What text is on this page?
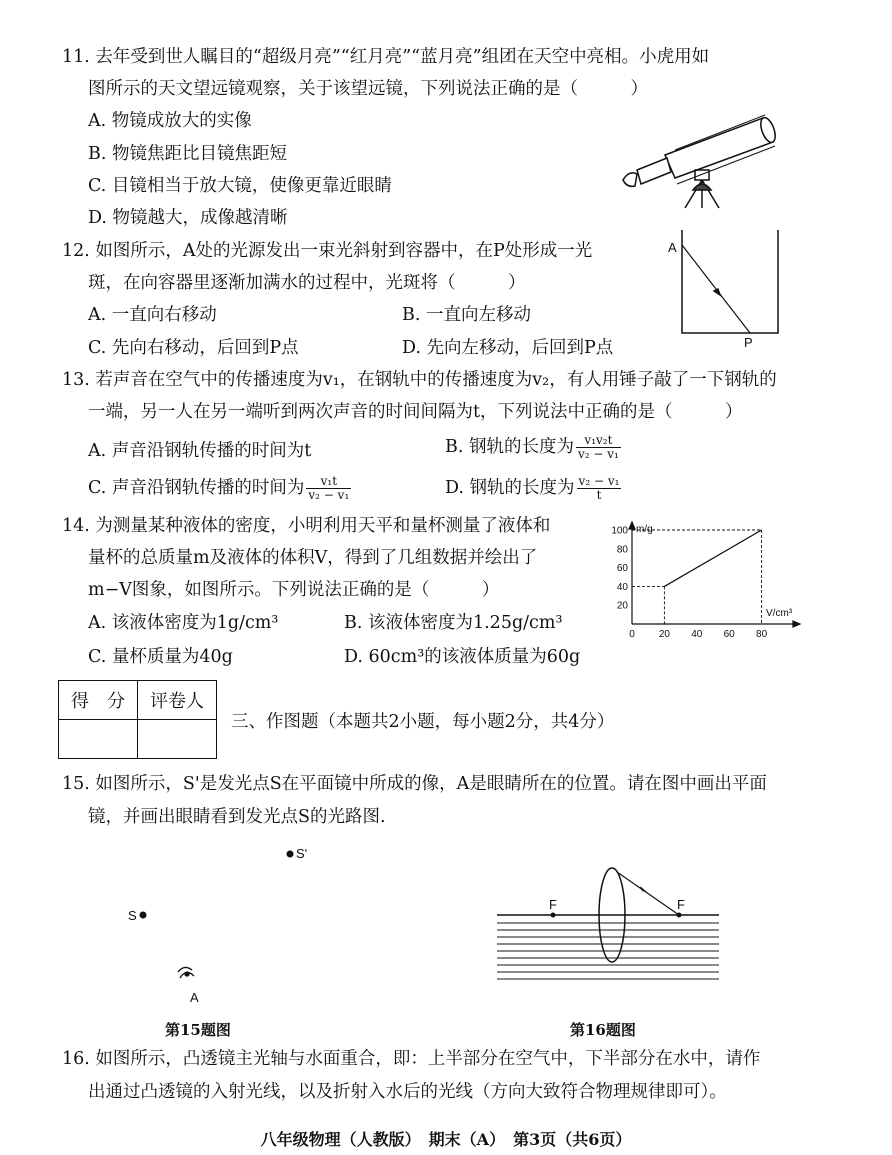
11. 去年受到世人瞩目的“超级月亮”“红月亮”“蓝月亮”组团在天空中亮相。小虎用如
图所示的天文望远镜观察，关于该望远镜，下列说法正确的是（　　　）
A. 物镜成放大的实像
B. 物镜焦距比目镜焦距短
C. 目镜相当于放大镜，使像更靠近眼睛
D. 物镜越大，成像越清晰
12. 如图所示，A处的光源发出一束光斜射到容器中，在P处形成一光
斑，在向容器里逐渐加满水的过程中，光斑将（　　　）
A. 一直向右移动	B. 一直向左移动
C. 先向右移动，后回到P点	D. 先向左移动，后回到P点
A
P
13. 若声音在空气中的传播速度为v₁，在钢轨中的传播速度为v₂，有人用锤子敲了一下钢轨的
一端，另一人在另一端听到两次声音的时间间隔为t，下列说法中正确的是（　　　）
A. 声音沿钢轨传播的时间为t	B. 钢轨的长度为 $\frac{\text{v₁v₂t}}{\text{v₂ − v₁}}$
C. 声音沿钢轨传播的时间为 $\frac{\text{v₁t}}{\text{v₂ − v₁}}$	D. 钢轨的长度为 $\frac{\text{v₂ − v₁}}{t}$
14. 为测量某种液体的密度，小明利用天平和量杯测量了液体和
量杯的总质量m及液体的体积V，得到了几组数据并绘出了
m−V图象，如图所示。下列说法正确的是（　　　）
A. 该液体密度为1g/cm³	B. 该液体密度为1.25g/cm³
C. 量杯质量为40g	D. 60cm³的该液体质量为60g
0 20 40 60 80
20
40
60
80
100 m/g
V/cm³
得　分	评卷人

三、作图题（本题共2小题，每小题2分，共4分）
15. 如图所示，S'是发光点S在平面镜中所成的像，A是眼睛所在的位置。请在图中画出平面
镜，并画出眼睛看到发光点S的光路图.
S'
S
A
第15题图
F	F
第16题图
16. 如图所示，凸透镜主光轴与水面重合，即：上半部分在空气中，下半部分在水中，请作
出通过凸透镜的入射光线，以及折射入水后的光线（方向大致符合物理规律即可）。
八年级物理（人教版）　期末（A）　第3页（共6页）
